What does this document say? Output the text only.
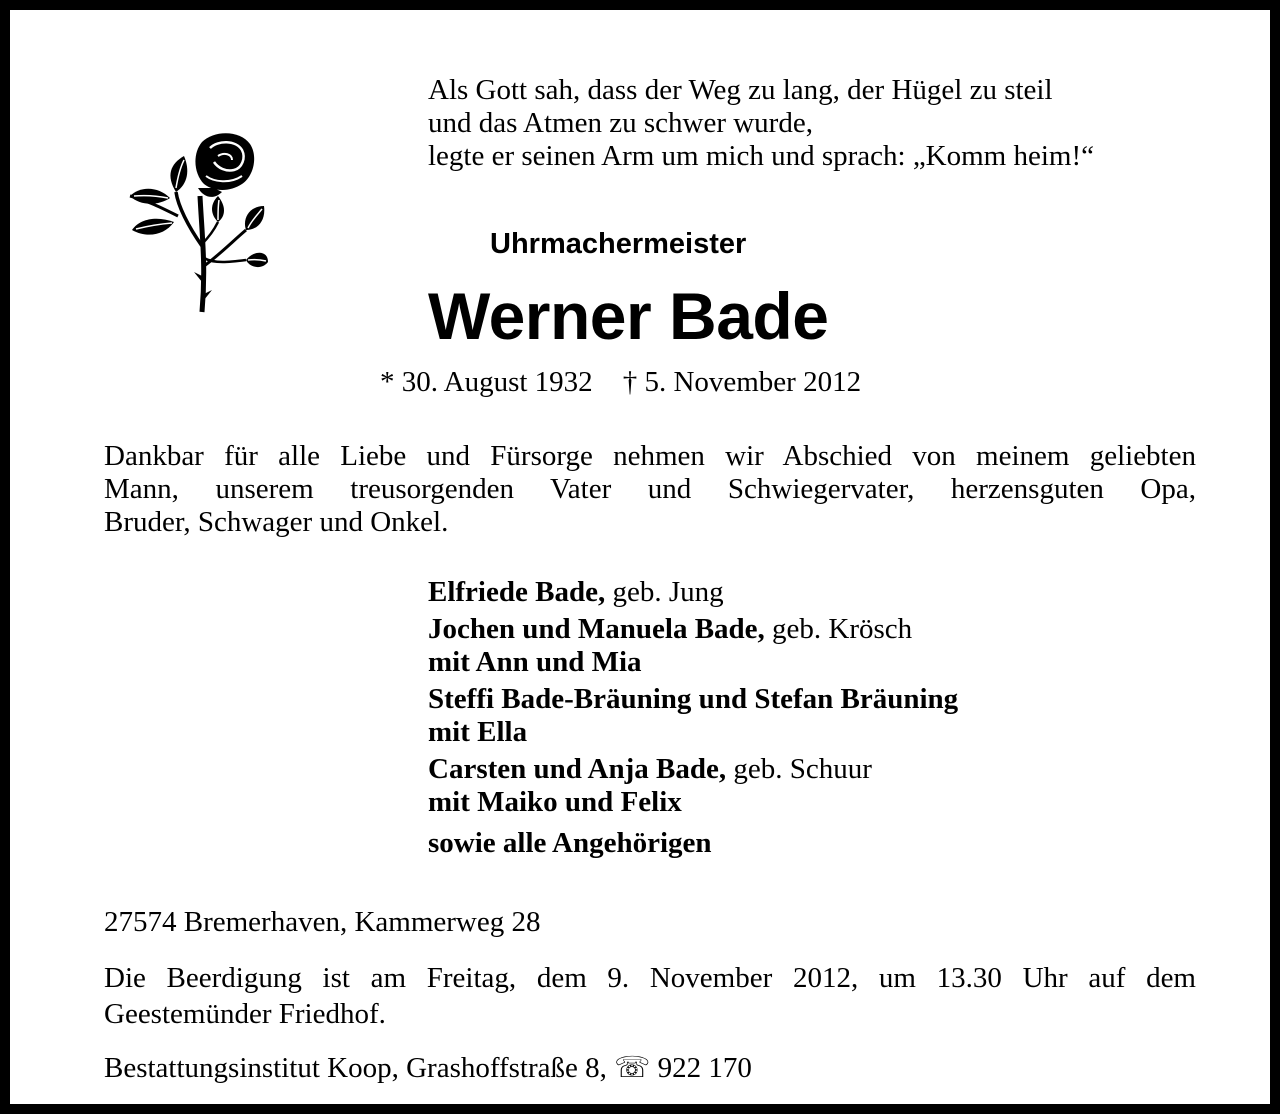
Als Gott sah, dass der Weg zu lang, der Hügel zu steil
und das Atmen zu schwer wurde,
legte er seinen Arm um mich und sprach: „Komm heim!“
Uhrmachermeister
Werner Bade
* 30. August 1932 † 5. November 2012
Dankbar für alle Liebe und Fürsorge nehmen wir Abschied von meinem geliebten
Mann, unserem treusorgenden Vater und Schwiegervater, herzensguten Opa,
Bruder, Schwager und Onkel.
Elfriede Bade, geb. Jung
Jochen und Manuela Bade, geb. Krösch
mit Ann und Mia
Steffi Bade-Bräuning und Stefan Bräuning
mit Ella
Carsten und Anja Bade, geb. Schuur
mit Maiko und Felix
sowie alle Angehörigen
27574 Bremerhaven, Kammerweg 28
Die Beerdigung ist am Freitag, dem 9. November 2012, um 13.30 Uhr auf dem
Geestemünder Friedhof.
Bestattungsinstitut Koop, Grashoffstraße 8, ☏ 922 170
